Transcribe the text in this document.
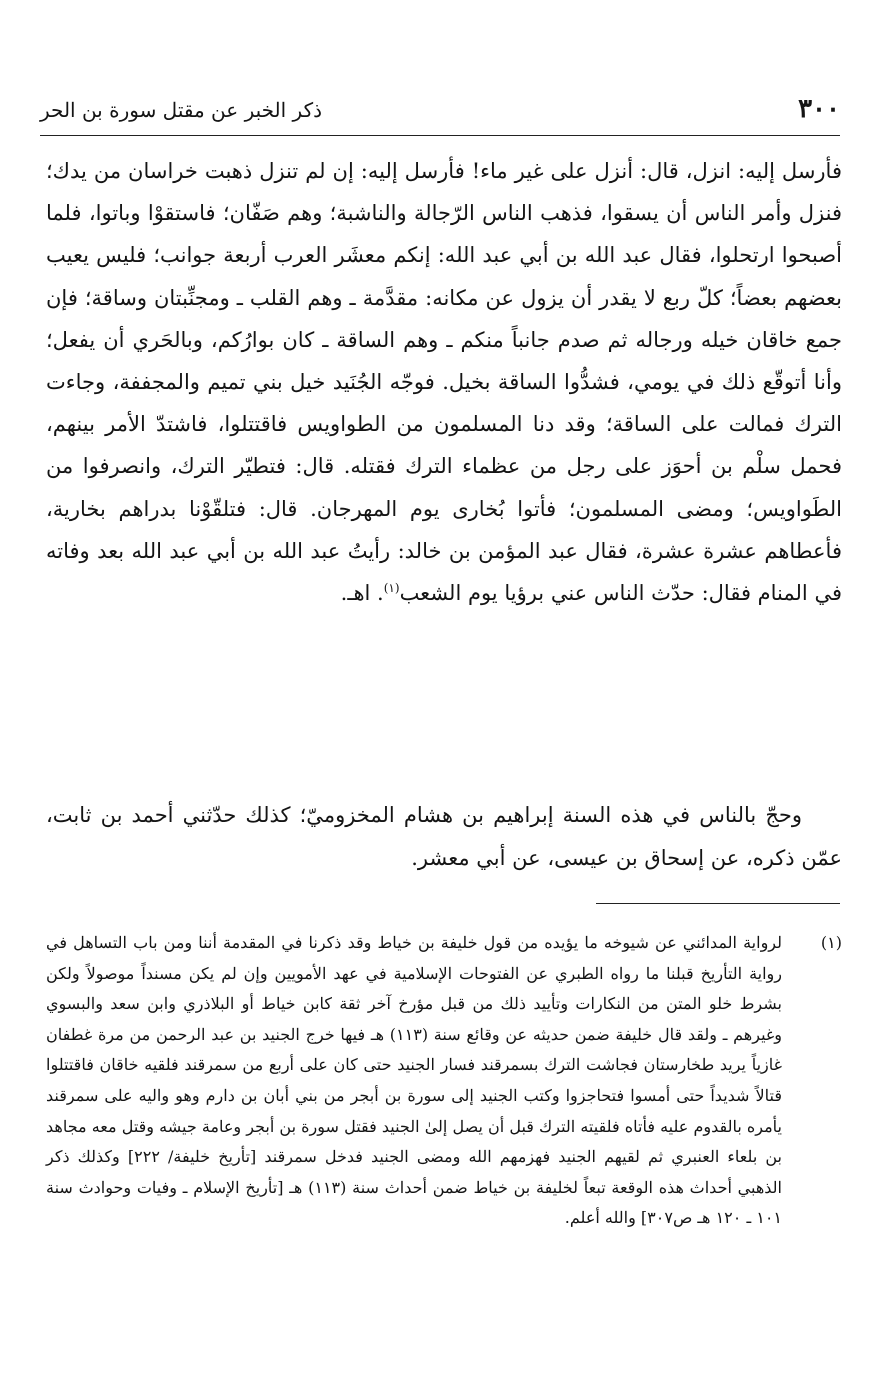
٣٠٠
ذكر الخبر عن مقتل سورة بن الحر

فأرسل إليه: انزل، قال: أنزل على غير ماء! فأرسل إليه: إن لم تنزل ذهبت خراسان من يدك؛ فنزل وأمر الناس أن يسقوا، فذهب الناس الرّجالة والناشبة؛ وهم صَفّان؛ فاستقوْا وباتوا، فلما أصبحوا ارتحلوا، فقال عبد الله بن أبي عبد الله: إنكم معشَر العرب أربعة جوانب؛ فليس يعيب بعضهم بعضاً؛ كلّ ربع لا يقدر أن يزول عن مكانه: مقدَّمة ـ وهم القلب ـ ومجنِّبتان وساقة؛ فإن جمع خاقان خيله ورجاله ثم صدم جانباً منكم ـ وهم الساقة ـ كان بوارُكم، وبالحَري أن يفعل؛ وأنا أتوقّع ذلك في يومي، فشدُّوا الساقة بخيل. فوجّه الجُنَيد خيل بني تميم والمجففة، وجاءت الترك فمالت على الساقة؛ وقد دنا المسلمون من الطواويس فاقتتلوا، فاشتدّ الأمر بينهم، فحمل سلْم بن أحوَز على رجل من عظماء الترك فقتله. قال: فتطيّر الترك، وانصرفوا من الطَواويس؛ ومضى المسلمون؛ فأتوا بُخارى يوم المهرجان. قال: فتلقّوْنا بدراهم بخارية، فأعطاهم عشرة عشرة، فقال عبد المؤمن بن خالد: رأيتُ عبد الله بن أبي عبد الله بعد وفاته في المنام فقال: حدّث الناس عني برؤيا يوم الشعب$^{(١)}$. اهـ.

وحجّ بالناس في هذه السنة إبراهيم بن هشام المخزوميّ؛ كذلك حدّثني أحمد بن ثابت، عمّن ذكره، عن إسحاق بن عيسى، عن أبي معشر.

(١)
لرواية المدائني عن شيوخه ما يؤيده من قول خليفة بن خياط وقد ذكرنا في المقدمة أننا ومن باب التساهل في رواية التأريخ قبلنا ما رواه الطبري عن الفتوحات الإسلامية في عهد الأمويين وإن لم يكن مسنداً موصولاً ولكن بشرط خلو المتن من النكارات وتأييد ذلك من قبل مؤرخ آخر ثقة كابن خياط أو البلاذري وابن سعد والبسوي وغيرهم ـ ولقد قال خليفة ضمن حديثه عن وقائع سنة (١١٣) هـ فيها خرج الجنيد بن عبد الرحمن من مرة غطفان غازياً يريد طخارستان فجاشت الترك بسمرقند فسار الجنيد حتى كان على أربع من سمرقند فلقيه خاقان فاقتتلوا قتالاً شديداً حتى أمسوا فتحاجزوا وكتب الجنيد إلى سورة بن أبجر من بني أبان بن دارم وهو واليه على سمرقند يأمره بالقدوم عليه فأتاه فلقيته الترك قبل أن يصل إلىٰ الجنيد فقتل سورة بن أبجر وعامة جيشه وقتل معه مجاهد بن بلعاء العنبري ثم لقيهم الجنيد فهزمهم الله ومضى الجنيد فدخل سمرقند [تأريخ خليفة/ ٢٢٢] وكذلك ذكر الذهبي أحداث هذه الوقعة تبعاً لخليفة بن خياط ضمن أحداث سنة (١١٣) هـ [تأريخ الإسلام ـ وفيات وحوادث سنة ١٠١ ـ ١٢٠ هـ ص٣٠٧] والله أعلم.
